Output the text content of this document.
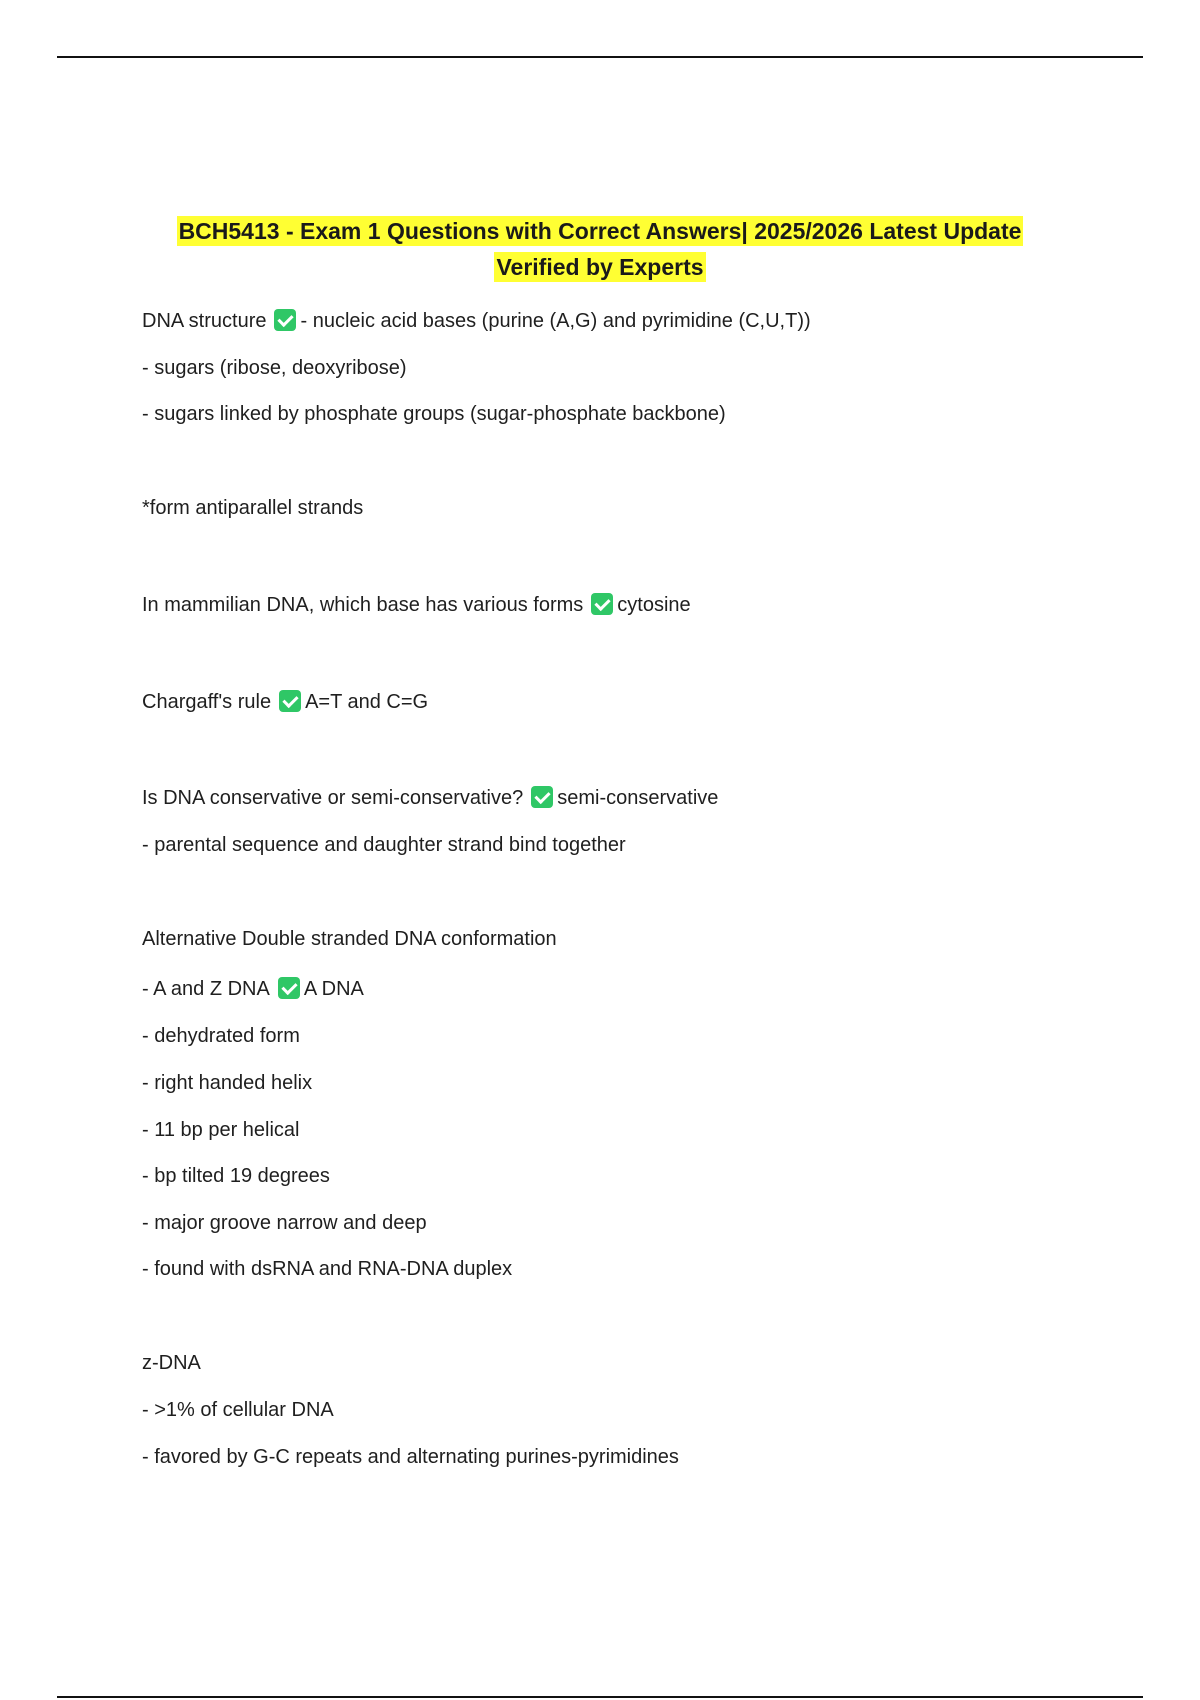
BCH5413 - Exam 1 Questions with Correct Answers| 2025/2026 Latest Update
Verified by Experts
DNA structure - nucleic acid bases (purine (A,G) and pyrimidine (C,U,T))
- sugars (ribose, deoxyribose)
- sugars linked by phosphate groups (sugar-phosphate backbone)
*form antiparallel strands
In mammilian DNA, which base has various forms cytosine
Chargaff's rule A=T and C=G
Is DNA conservative or semi-conservative? semi-conservative
- parental sequence and daughter strand bind together
Alternative Double stranded DNA conformation
- A and Z DNA A DNA
- dehydrated form
- right handed helix
- 11 bp per helical
- bp tilted 19 degrees
- major groove narrow and deep
- found with dsRNA and RNA-DNA duplex
z-DNA
- >1% of cellular DNA
- favored by G-C repeats and alternating purines-pyrimidines
